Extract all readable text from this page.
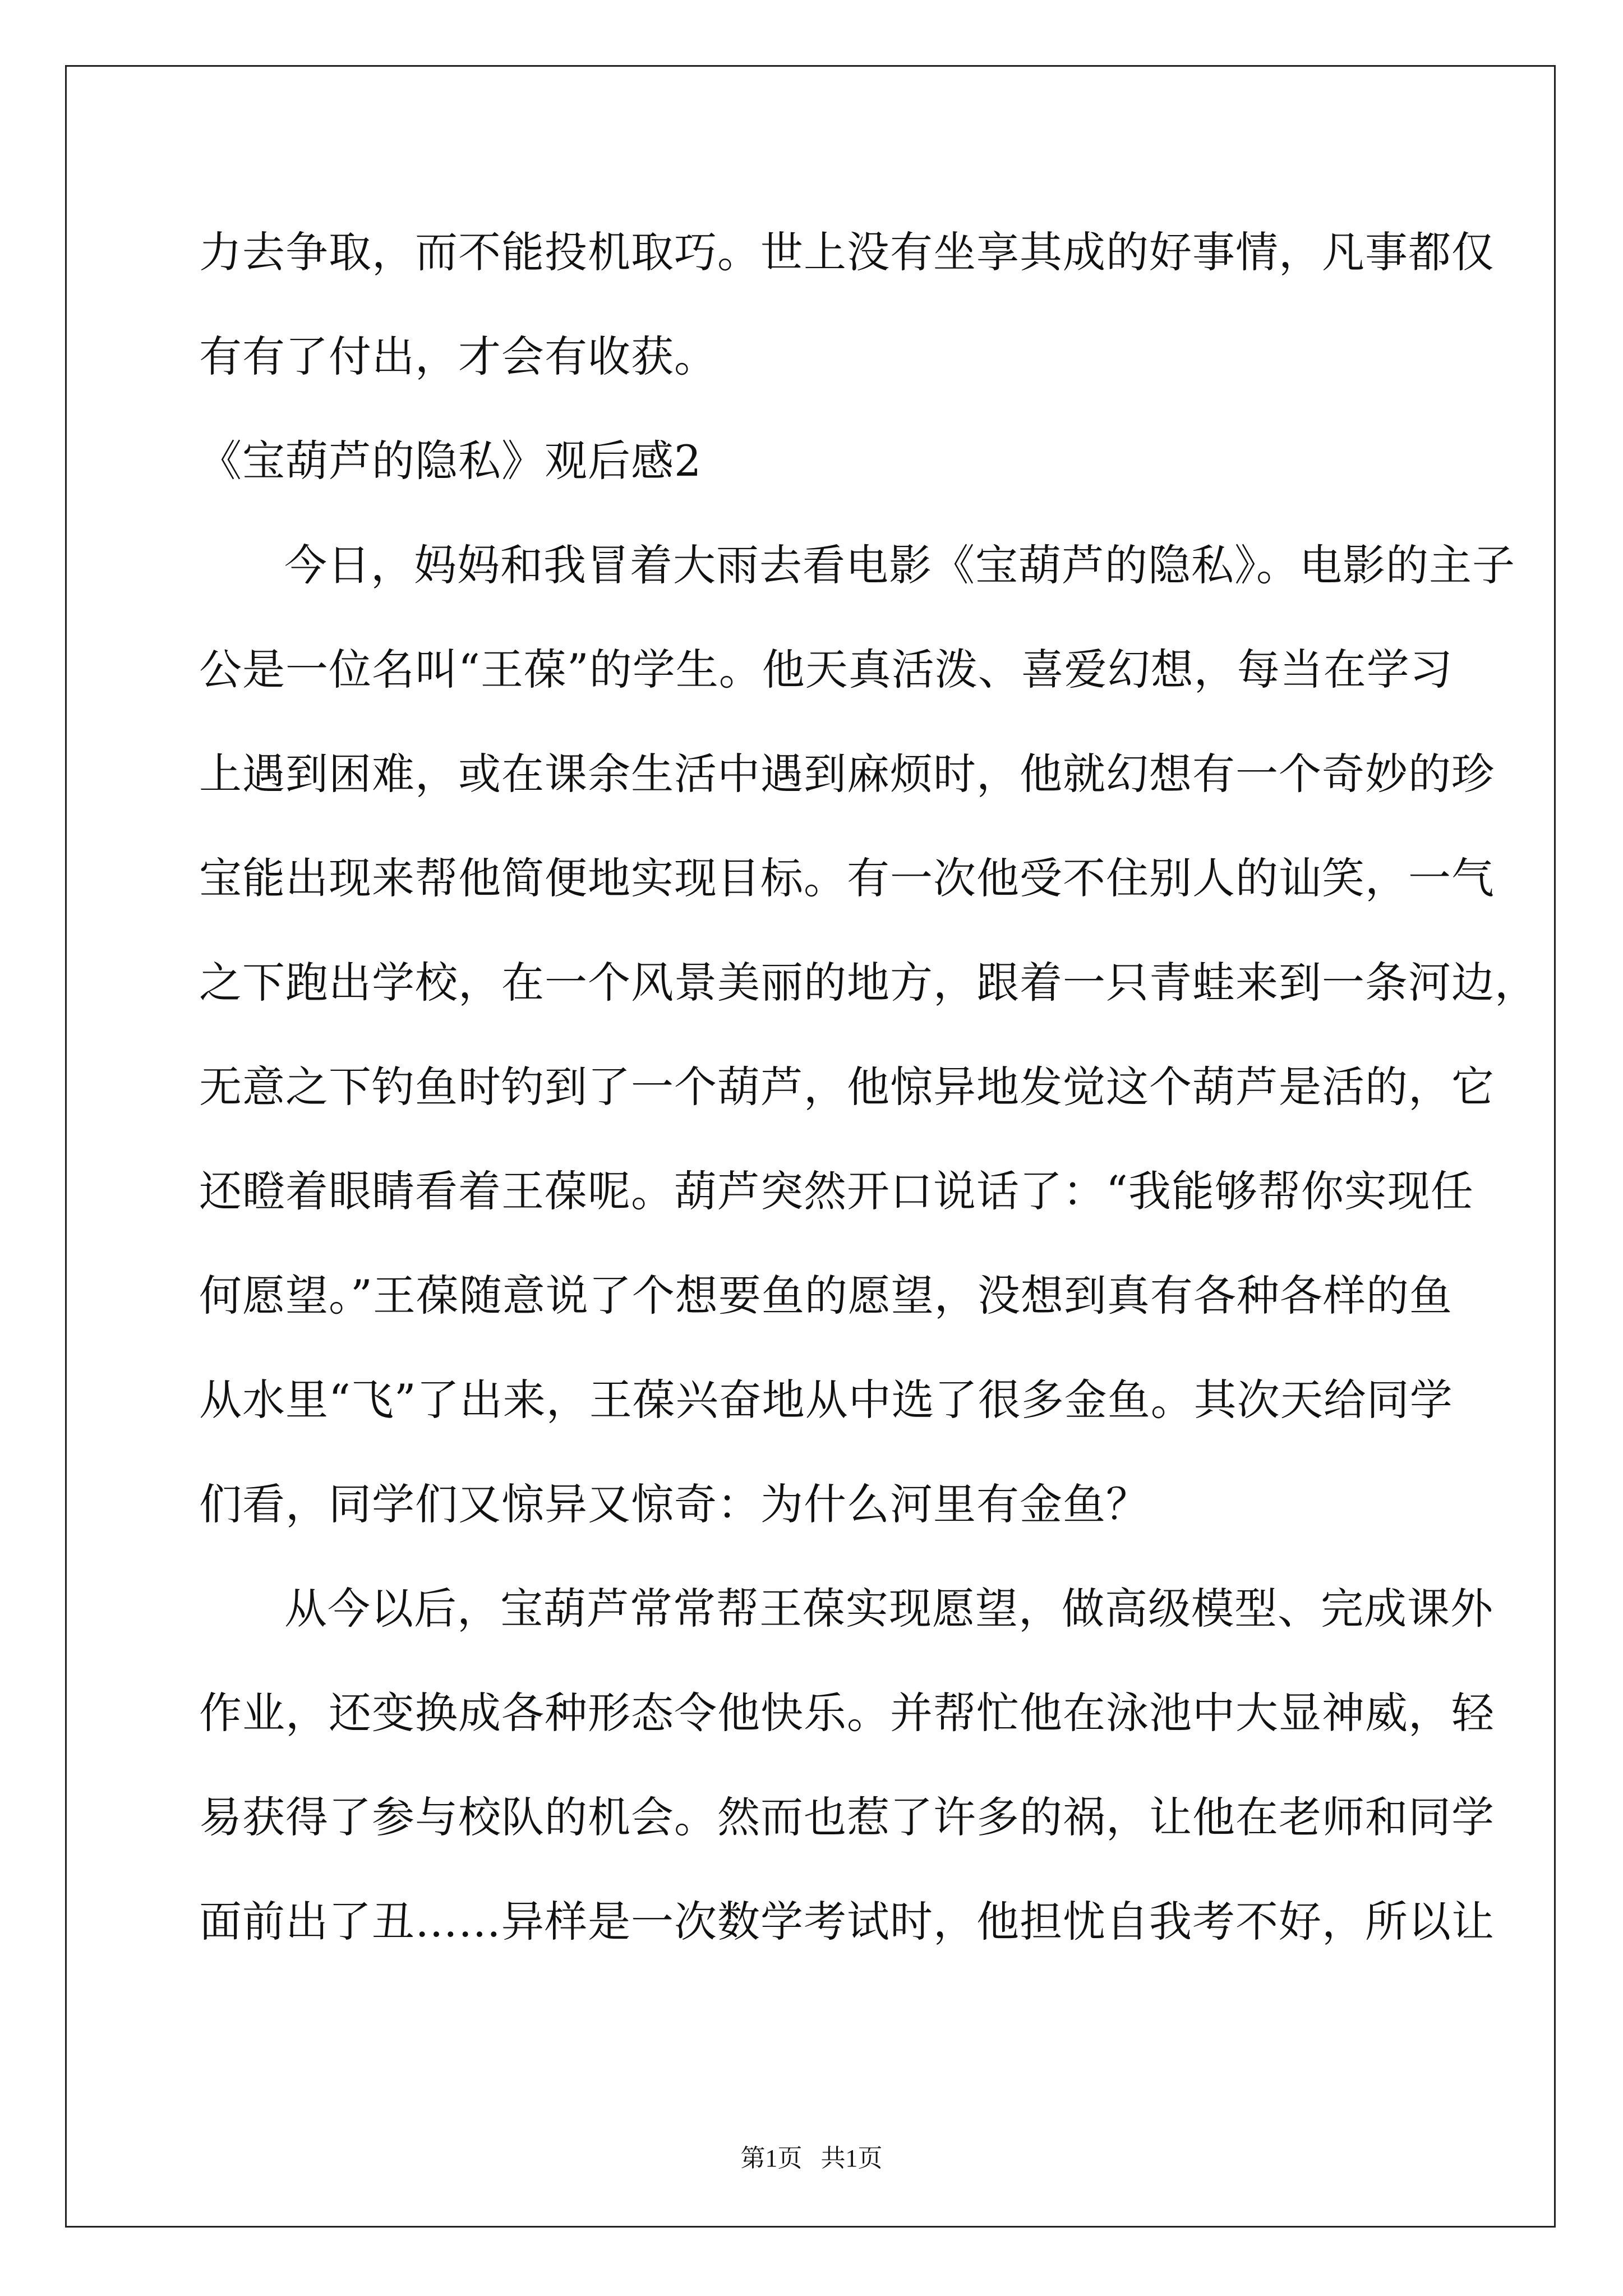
力去争取，而不能投机取巧。世上没有坐享其成的好事情，凡事都仅
有有了付出，才会有收获。
《宝葫芦的隐私》观后感2
今日，妈妈和我冒着大雨去看电影《宝葫芦的隐私》。电影的主子
公是一位名叫“王葆”的学生。他天真活泼、喜爱幻想，每当在学习
上遇到困难，或在课余生活中遇到麻烦时，他就幻想有一个奇妙的珍
宝能出现来帮他简便地实现目标。有一次他受不住别人的讪笑，一气
之下跑出学校，在一个风景美丽的地方，跟着一只青蛙来到一条河边，
无意之下钓鱼时钓到了一个葫芦，他惊异地发觉这个葫芦是活的，它
还瞪着眼睛看着王葆呢。葫芦突然开口说话了：“我能够帮你实现任
何愿望。”王葆随意说了个想要鱼的愿望，没想到真有各种各样的鱼
从水里“飞”了出来，王葆兴奋地从中选了很多金鱼。其次天给同学
们看，同学们又惊异又惊奇：为什么河里有金鱼？
从今以后，宝葫芦常常帮王葆实现愿望，做高级模型、完成课外
作业，还变换成各种形态令他快乐。并帮忙他在泳池中大显神威，轻
易获得了参与校队的机会。然而也惹了许多的祸，让他在老师和同学
面前出了丑……异样是一次数学考试时，他担忧自我考不好，所以让
第1页 共1页
